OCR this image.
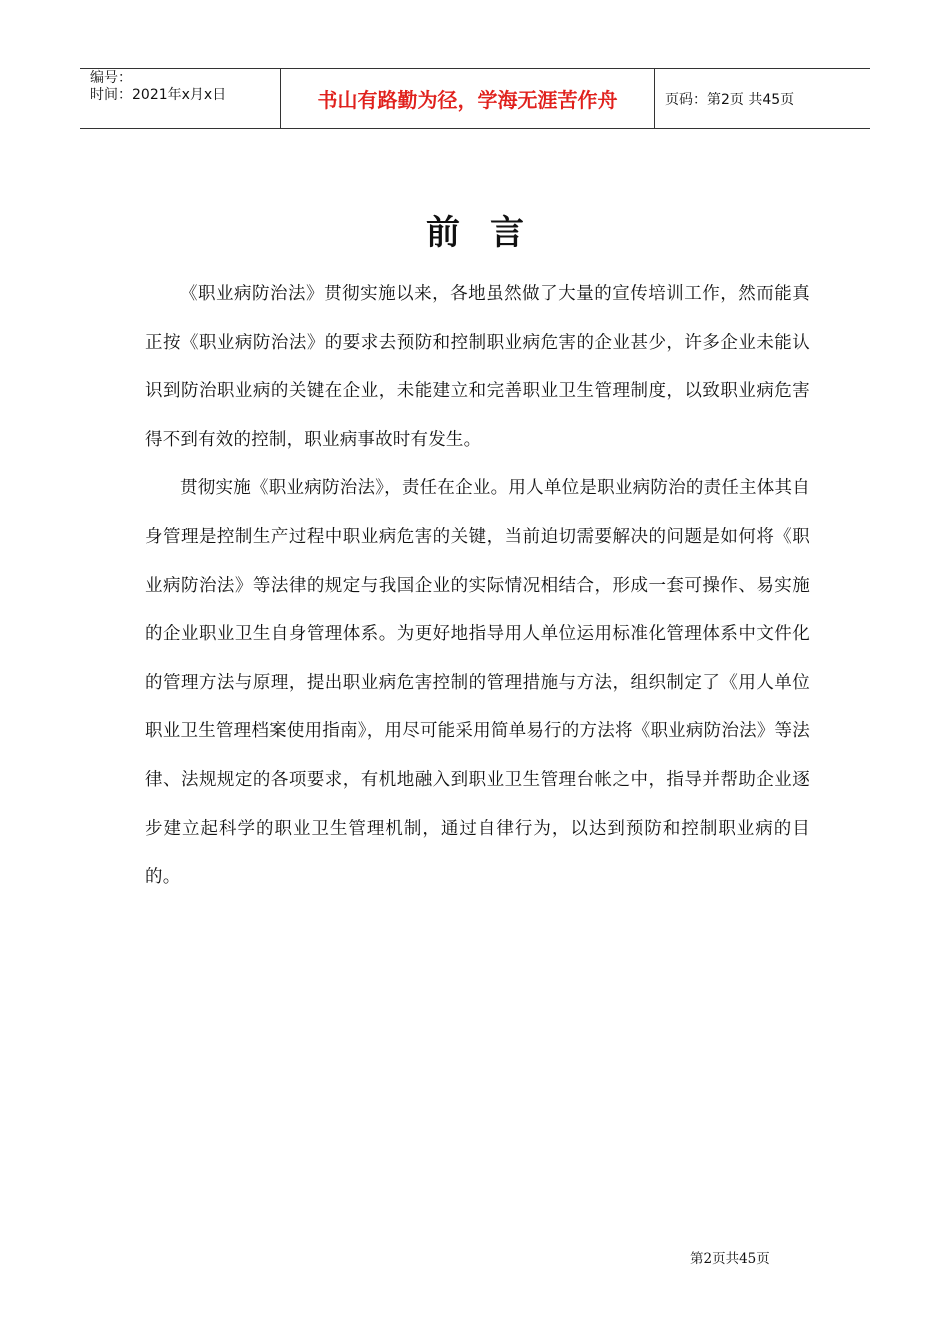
编号：
时间：2021年x月x日	书山有路勤为径，学海无涯苦作舟	页码：第2页 共45页
前言

《职业病防治法》贯彻实施以来，各地虽然做了大量的宣传培训工作，然而能真正按《职业病防治法》的要求去预防和控制职业病危害的企业甚少，许多企业未能认识到防治职业病的关键在企业，未能建立和完善职业卫生管理制度，以致职业病危害得不到有效的控制，职业病事故时有发生。

贯彻实施《职业病防治法》，责任在企业。用人单位是职业病防治的责任主体其自身管理是控制生产过程中职业病危害的关键，当前迫切需要解决的问题是如何将《职业病防治法》等法律的规定与我国企业的实际情况相结合，形成一套可操作、易实施的企业职业卫生自身管理体系。为更好地指导用人单位运用标准化管理体系中文件化的管理方法与原理，提出职业病危害控制的管理措施与方法，组织制定了《用人单位职业卫生管理档案使用指南》，用尽可能采用简单易行的方法将《职业病防治法》等法律、法规规定的各项要求，有机地融入到职业卫生管理台帐之中，指导并帮助企业逐步建立起科学的职业卫生管理机制，通过自律行为，以达到预防和控制职业病的目的。

第2页共45页
